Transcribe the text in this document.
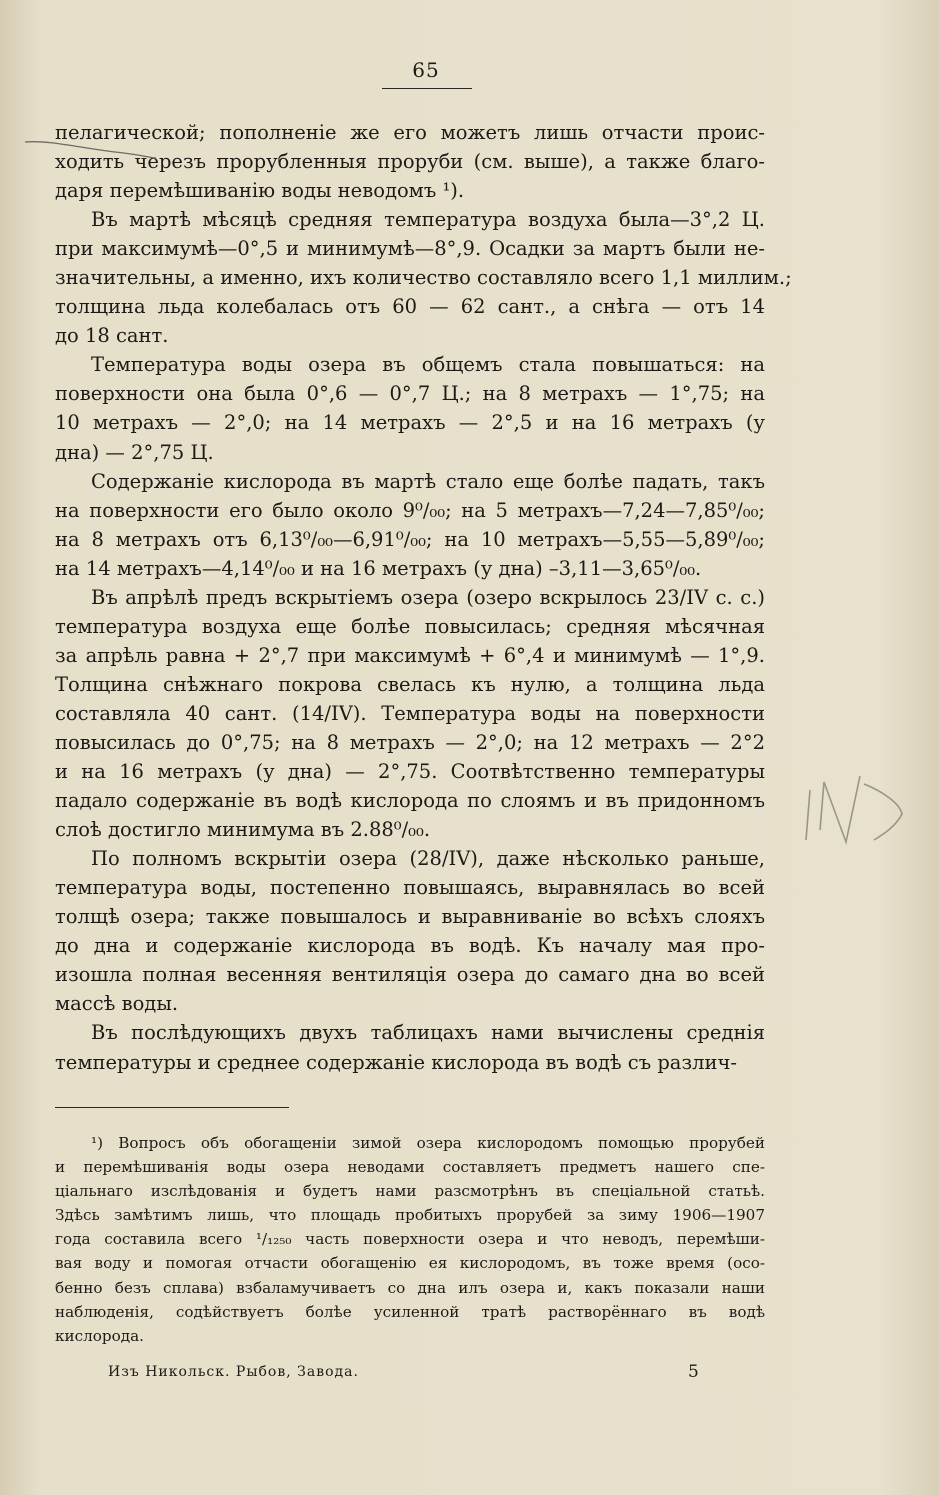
65
пелагической; пополненіе же его можетъ лишь отчасти проис-
ходить черезъ прорубленныя проруби (см. выше), а также благо-
даря перемѣшиванію воды неводомъ ¹).
Въ мартѣ мѣсяцѣ средняя температура воздуха была—3°,2 Ц.
при максимумѣ—0°,5 и минимумѣ—8°,9. Осадки за мартъ были не-
значительны, а именно, ихъ количество составляло всего 1,1 миллим.;
толщина льда колебалась отъ 60 — 62 сант., а снѣга — отъ 14
до 18 сант.
Температура воды озера въ общемъ стала повышаться: на
поверхности она была 0°,6 — 0°,7 Ц.; на 8 метрахъ — 1°,75; на
10 метрахъ — 2°,0; на 14 метрахъ — 2°,5 и на 16 метрахъ (у
дна) — 2°,75 Ц.
Содержаніе кислорода въ мартѣ стало еще болѣе падать, такъ
на поверхности его было около 9⁰/₀₀; на 5 метрахъ—7,24—7,85⁰/₀₀;
на 8 метрахъ отъ 6,13⁰/₀₀—6,91⁰/₀₀; на 10 метрахъ—5,55—5,89⁰/₀₀;
на 14 метрахъ—4,14⁰/₀₀ и на 16 метрахъ (у дна) –3,11—3,65⁰/₀₀.
Въ апрѣлѣ предъ вскрытіемъ озера (озеро вскрылось 23/IV с. с.)
температура воздуха еще болѣе повысилась; средняя мѣсячная
за апрѣль равна + 2°,7 при максимумѣ + 6°,4 и минимумѣ — 1°,9.
Толщина снѣжнаго покрова свелась къ нулю, а толщина льда
составляла 40 сант. (14/IV). Температура воды на поверхности
повысилась до 0°,75; на 8 метрахъ — 2°,0; на 12 метрахъ — 2°2
и на 16 метрахъ (у дна) — 2°,75. Соотвѣтственно температуры
падало содержаніе въ водѣ кислорода по слоямъ и въ придонномъ
слоѣ достигло минимума въ 2.88⁰/₀₀.
По полномъ вскрытіи озера (28/IV), даже нѣсколько раньше,
температура воды, постепенно повышаясь, выравнялась во всей
толщѣ озера; также повышалось и выравниваніе во всѣхъ слояхъ
до дна и содержаніе кислорода въ водѣ. Къ началу мая про-
изошла полная весенняя вентиляція озера до самаго дна во всей
массѣ воды.
Въ послѣдующихъ двухъ таблицахъ нами вычислены среднія
температуры и среднее содержаніе кислорода въ водѣ съ различ-
¹) Вопросъ объ обогащеніи зимой озера кислородомъ помощью прорубей
и перемѣшиванія воды озера неводами составляетъ предметъ нашего спе-
ціальнаго изслѣдованія и будетъ нами разсмотрѣнъ въ спеціальной статьѣ.
Здѣсь замѣтимъ лишь, что площадь пробитыхъ прорубей за зиму 1906—1907
года составила всего ¹/₁₂₅₀ часть поверхности озера и что неводъ, перемѣши-
вая воду и помогая отчасти обогащенію ея кислородомъ, въ тоже время (осо-
бенно безъ сплава) взбаламучиваетъ со дна илъ озера и, какъ показали наши
наблюденія, содѣйствуетъ болѣе усиленной тратѣ растворённаго въ водѣ
кислорода.
Изъ Никольск. Рыбов, Завода.	5
